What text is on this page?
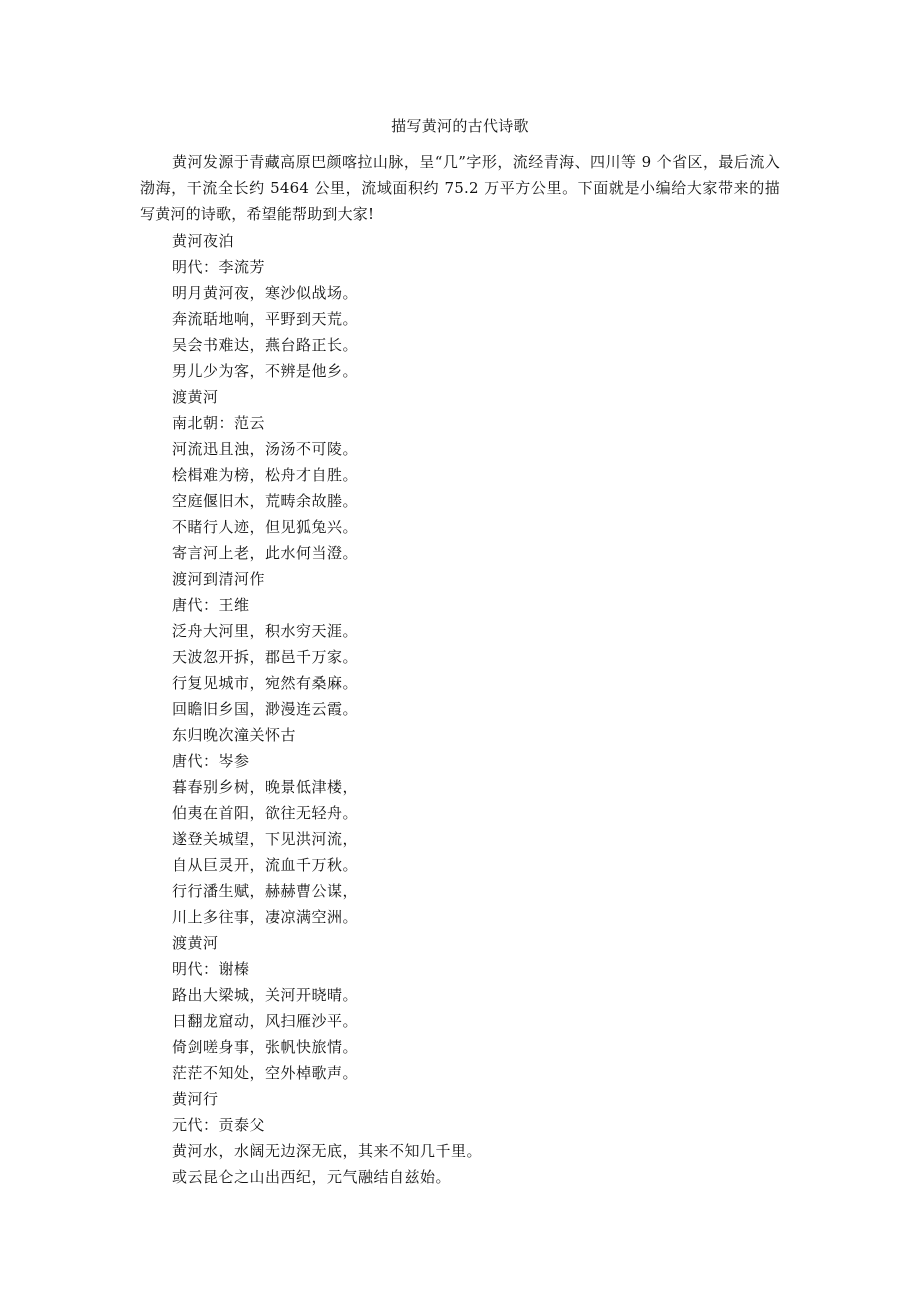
描写黄河的古代诗歌
黄河发源于青藏高原巴颜喀拉山脉，呈“几”字形，流经青海、四川等 9 个省区，最后流入渤海，干流全长约 5464 公里，流域面积约 75.2 万平方公里。下面就是小编给大家带来的描写黄河的诗歌，希望能帮助到大家!
黄河夜泊
明代：李流芳
明月黄河夜，寒沙似战场。
奔流聒地响，平野到天荒。
吴会书难达，燕台路正长。
男儿少为客，不辨是他乡。
渡黄河
南北朝：范云
河流迅且浊，汤汤不可陵。
桧楫难为榜，松舟才自胜。
空庭偃旧木，荒畴余故塍。
不睹行人迹，但见狐兔兴。
寄言河上老，此水何当澄。
渡河到清河作
唐代：王维
泛舟大河里，积水穷天涯。
天波忽开拆，郡邑千万家。
行复见城市，宛然有桑麻。
回瞻旧乡国，渺漫连云霞。
东归晚次潼关怀古
唐代：岑参
暮春别乡树，晚景低津楼，
伯夷在首阳，欲往无轻舟。
遂登关城望，下见洪河流，
自从巨灵开，流血千万秋。
行行潘生赋，赫赫曹公谋，
川上多往事，凄凉满空洲。
渡黄河
明代：谢榛
路出大梁城，关河开晓晴。
日翻龙窟动，风扫雁沙平。
倚剑嗟身事，张帆快旅情。
茫茫不知处，空外棹歌声。
黄河行
元代：贡泰父
黄河水，水阔无边深无底，其来不知几千里。
或云昆仑之山出西纪，元气融结自兹始。
